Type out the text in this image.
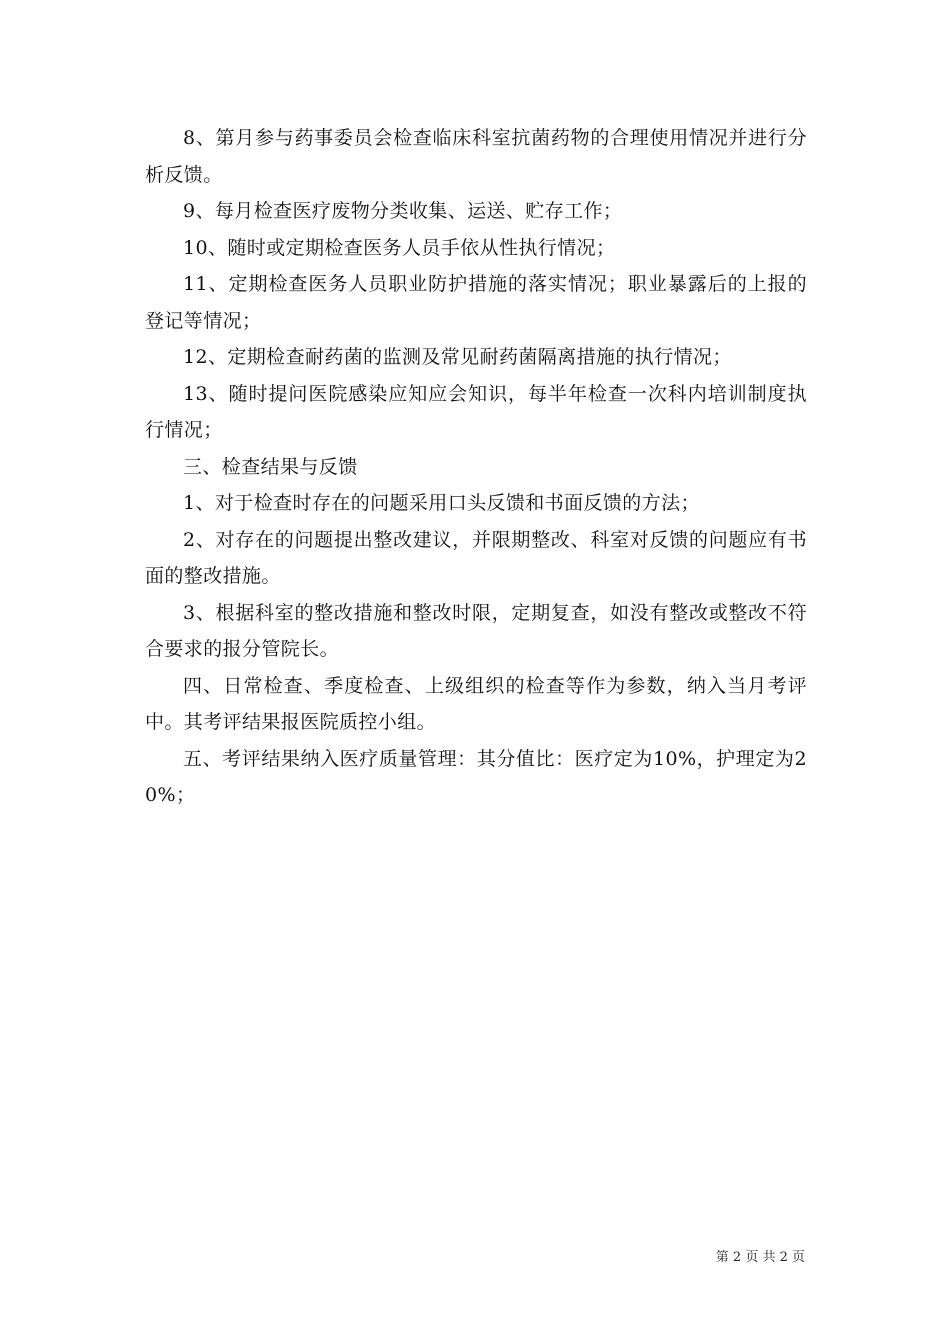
8、第月参与药事委员会检查临床科室抗菌药物的合理使用情况并进行分析反馈。

9、每月检查医疗废物分类收集、运送、贮存工作；

10、随时或定期检查医务人员手依从性执行情况；

11、定期检查医务人员职业防护措施的落实情况；职业暴露后的上报的登记等情况；

12、定期检查耐药菌的监测及常见耐药菌隔离措施的执行情况；

13、随时提问医院感染应知应会知识，每半年检查一次科内培训制度执行情况；

三、检查结果与反馈

1、对于检查时存在的问题采用口头反馈和书面反馈的方法；

2、对存在的问题提出整改建议，并限期整改、科室对反馈的问题应有书面的整改措施。

3、根据科室的整改措施和整改时限，定期复查，如没有整改或整改不符合要求的报分管院长。

四、日常检查、季度检查、上级组织的检查等作为参数，纳入当月考评中。其考评结果报医院质控小组。

五、考评结果纳入医疗质量管理：其分值比：医疗定为10%，护理定为20%；

第 2 页 共 2 页
